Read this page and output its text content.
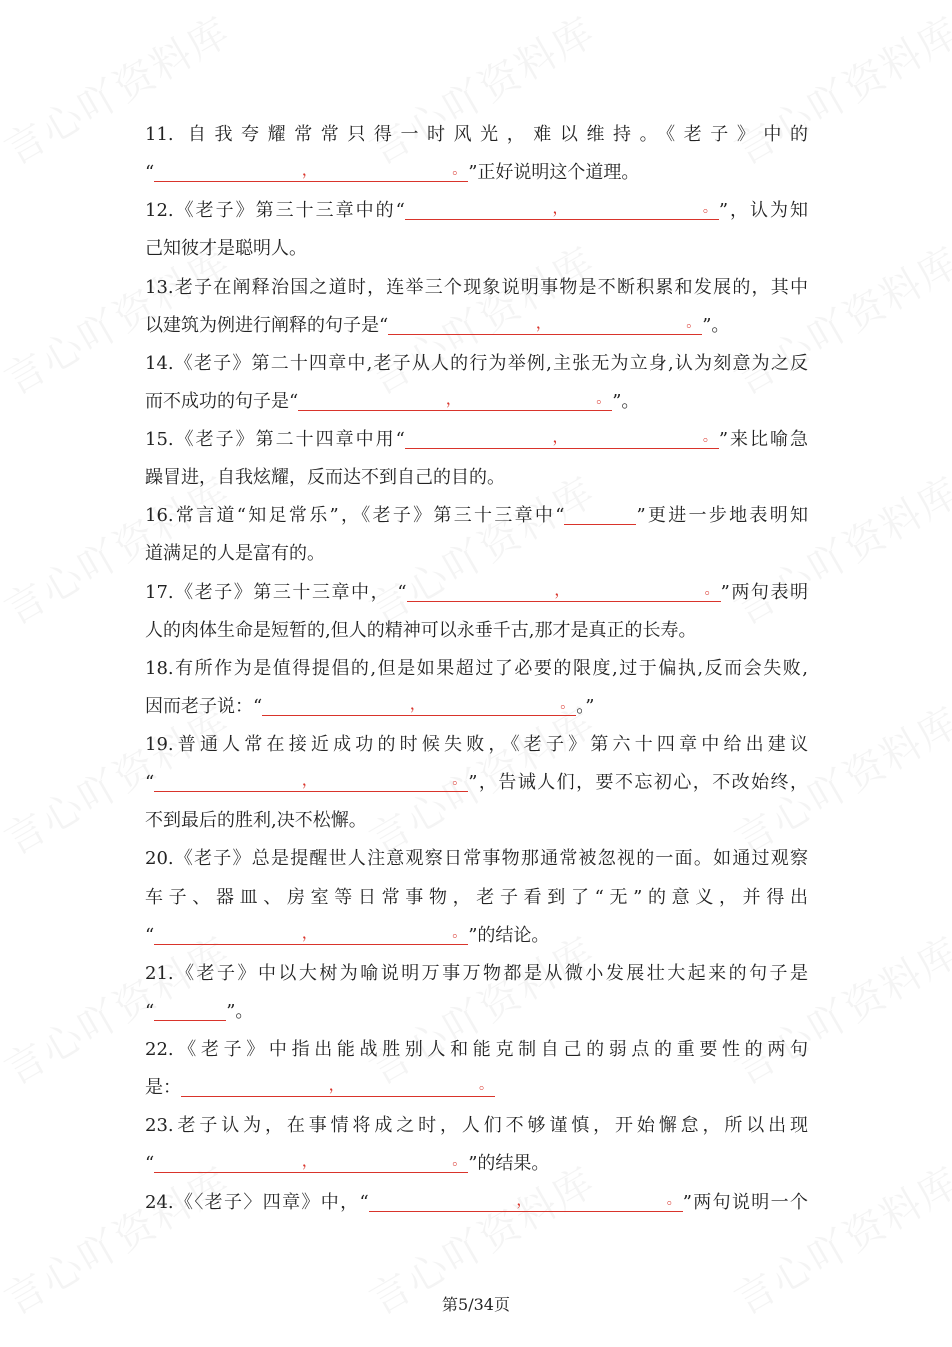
11. 自我夸耀常常只得一时风光，难以维持。《老子》中的
“	，	。 ”正好说明这个道理。
12.《老子》第三十三章中的“	，	。 ”，认为知
己知彼才是聪明人。
13.老子在阐释治国之道时，连举三个现象说明事物是不断积累和发展的，其中
以建筑为例进行阐释的句子是“	，	。 ”。
14.《老子》第二十四章中,老子从人的行为举例,主张无为立身,认为刻意为之反
而不成功的句子是“	，	。 ”。
15.《老子》第二十四章中用“	，	。 ”来比喻急
躁冒进，自我炫耀，反而达不到自己的目的。
16.常言道“知足常乐”，《老子》第三十三章中“	”更进一步地表明知
道满足的人是富有的。
17.《老子》第三十三章中， “	，	。 ”两句表明
人的肉体生命是短暂的,但人的精神可以永垂千古,那才是真正的长寿。
18.有所作为是值得提倡的,但是如果超过了必要的限度,过于偏执,反而会失败,
因而老子说：“	，	。 。”
19.普通人常在接近成功的时候失败，《老子》第六十四章中给出建议
“	，	。 ”，告诫人们，要不忘初心，不改始终，
不到最后的胜利,决不松懈。
20.《老子》总是提醒世人注意观察日常事物那通常被忽视的一面。如通过观察
车子、器皿、房室等日常事物，老子看到了“无”的意义，并得出
“	，	。 ”的结论。
21.《老子》中以大树为喻说明万事万物都是从微小发展壮大起来的句子是
“	”。
22.《老子》中指出能战胜别人和能克制自己的弱点的重要性的两句
是：	，	。
23.老子认为，在事情将成之时，人们不够谨慎，开始懈怠，所以出现
“	，	。 ”的结果。
24.《〈老子〉四章》中，“	，	。 ”两句说明一个
第5/34页
